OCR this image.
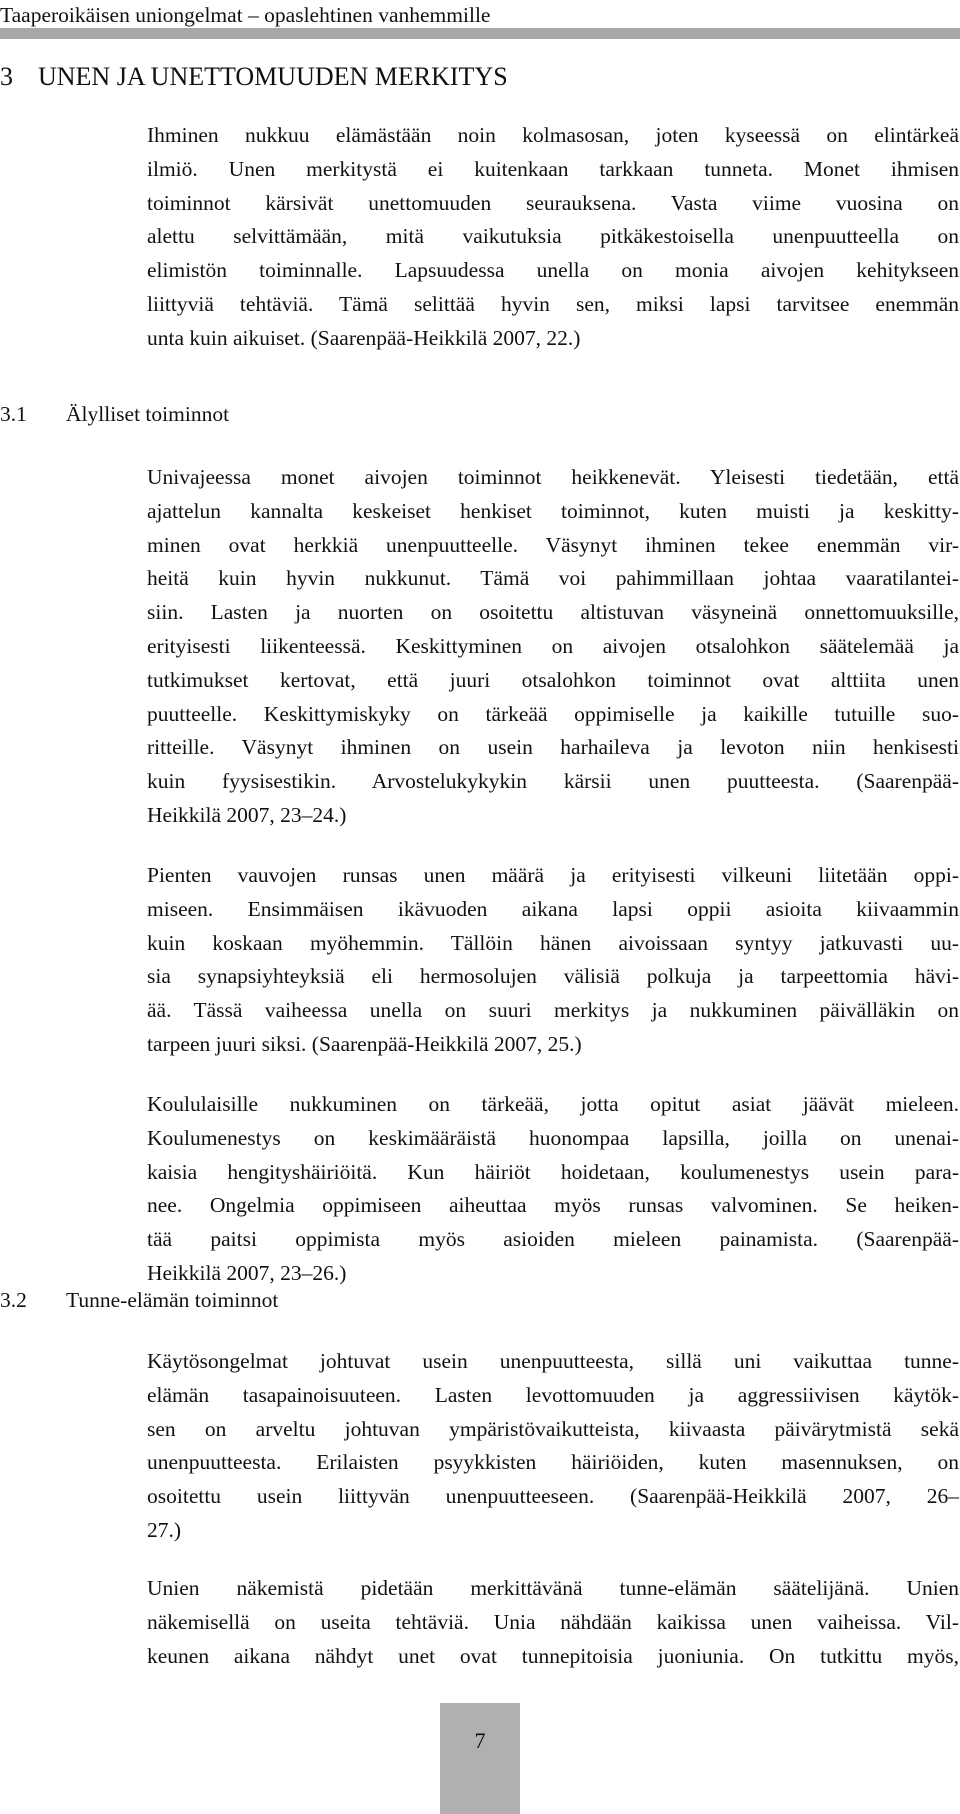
Taaperoikäisen uniongelmat – opaslehtinen vanhemmille
3 UNEN JA UNETTOMUUDEN MERKITYS

Ihminen nukkuu elämästään noin kolmasosan, joten kyseessä on elintärkeä
ilmiö. Unen merkitystä ei kuitenkaan tarkkaan tunneta. Monet ihmisen
toiminnot kärsivät unettomuuden seurauksena. Vasta viime vuosina on
alettu selvittämään, mitä vaikutuksia pitkäkestoisella unenpuutteella on
elimistön toiminnalle. Lapsuudessa unella on monia aivojen kehitykseen
liittyviä tehtäviä. Tämä selittää hyvin sen, miksi lapsi tarvitsee enemmän
unta kuin aikuiset. (Saarenpää-Heikkilä 2007, 22.)

3.1 Älylliset toiminnot

Univajeessa monet aivojen toiminnot heikkenevät. Yleisesti tiedetään, että
ajattelun kannalta keskeiset henkiset toiminnot, kuten muisti ja keskitty-
minen ovat herkkiä unenpuutteelle. Väsynyt ihminen tekee enemmän vir-
heitä kuin hyvin nukkunut. Tämä voi pahimmillaan johtaa vaaratilantei-
siin. Lasten ja nuorten on osoitettu altistuvan väsyneinä onnettomuuksille,
erityisesti liikenteessä. Keskittyminen on aivojen otsalohkon säätelemää ja
tutkimukset kertovat, että juuri otsalohkon toiminnot ovat alttiita unen
puutteelle. Keskittymiskyky on tärkeää oppimiselle ja kaikille tutuille suo-
ritteille. Väsynyt ihminen on usein harhaileva ja levoton niin henkisesti
kuin fyysisestikin. Arvostelukykykin kärsii unen puutteesta. (Saarenpää-
Heikkilä 2007, 23–24.)

Pienten vauvojen runsas unen määrä ja erityisesti vilkeuni liitetään oppi-
miseen. Ensimmäisen ikävuoden aikana lapsi oppii asioita kiivaammin
kuin koskaan myöhemmin. Tällöin hänen aivoissaan syntyy jatkuvasti uu-
sia synapsiyhteyksiä eli hermosolujen välisiä polkuja ja tarpeettomia hävi-
ää. Tässä vaiheessa unella on suuri merkitys ja nukkuminen päivälläkin on
tarpeen juuri siksi. (Saarenpää-Heikkilä 2007, 25.)

Koululaisille nukkuminen on tärkeää, jotta opitut asiat jäävät mieleen.
Koulumenestys on keskimääräistä huonompaa lapsilla, joilla on unenai-
kaisia hengityshäiriöitä. Kun häiriöt hoidetaan, koulumenestys usein para-
nee. Ongelmia oppimiseen aiheuttaa myös runsas valvominen. Se heiken-
tää paitsi oppimista myös asioiden mieleen painamista. (Saarenpää-
Heikkilä 2007, 23–26.)

3.2 Tunne-elämän toiminnot

Käytösongelmat johtuvat usein unenpuutteesta, sillä uni vaikuttaa tunne-
elämän tasapainoisuuteen. Lasten levottomuuden ja aggressiivisen käytök-
sen on arveltu johtuvan ympäristövaikutteista, kiivaasta päivärytmistä sekä
unenpuutteesta. Erilaisten psyykkisten häiriöiden, kuten masennuksen, on
osoitettu usein liittyvän unenpuutteeseen. (Saarenpää-Heikkilä 2007, 26–
27.)

Unien näkemistä pidetään merkittävänä tunne-elämän säätelijänä. Unien
näkemisellä on useita tehtäviä. Unia nähdään kaikissa unen vaiheissa. Vil-
keunen aikana nähdyt unet ovat tunnepitoisia juoniunia. On tutkittu myös,

7
